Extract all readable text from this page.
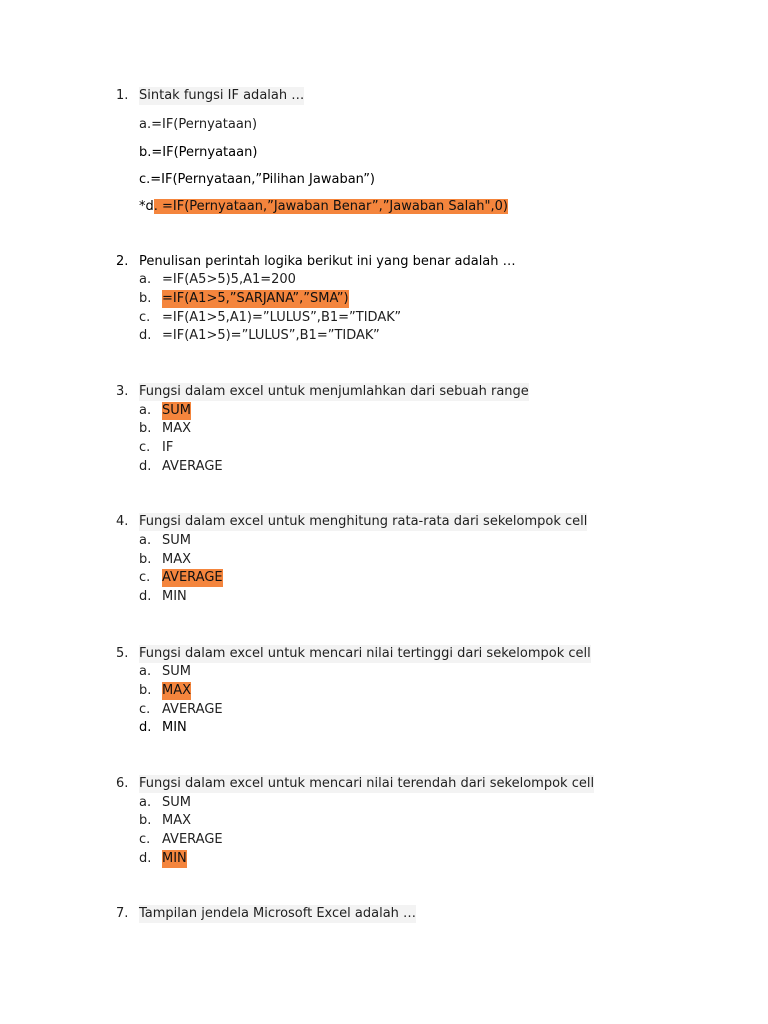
1. Sintak fungsi IF adalah …
a.=IF(Pernyataan)
b.=IF(Pernyataan)
c.=IF(Pernyataan,”Pilihan Jawaban”)
*d. =IF(Pernyataan,”Jawaban Benar”,”Jawaban Salah",0)
2. Penulisan perintah logika berikut ini yang benar adalah …
a. =IF(A5>5)5,A1=200
b. =IF(A1>5,”SARJANA”,”SMA”)
c. =IF(A1>5,A1)=”LULUS”,B1=”TIDAK”
d. =IF(A1>5)=”LULUS”,B1=”TIDAK”
3. Fungsi dalam excel untuk menjumlahkan dari sebuah range
a. SUM
b. MAX
c. IF
d. AVERAGE
4. Fungsi dalam excel untuk menghitung rata-rata dari sekelompok cell
a. SUM
b. MAX
c. AVERAGE
d. MIN
5. Fungsi dalam excel untuk mencari nilai tertinggi dari sekelompok cell
a. SUM
b. MAX
c. AVERAGE
d. MIN
6. Fungsi dalam excel untuk mencari nilai terendah dari sekelompok cell
a. SUM
b. MAX
c. AVERAGE
d. MIN
7. Tampilan jendela Microsoft Excel adalah …
